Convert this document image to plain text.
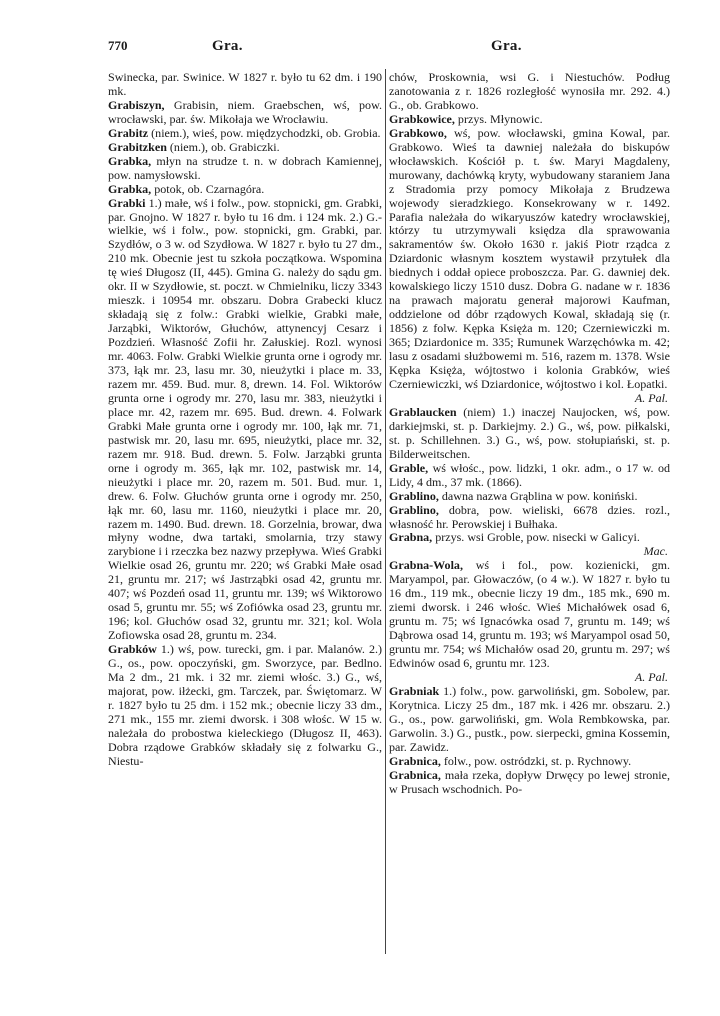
770	Gra.	Gra.

Swinecka, par. Swinice. W 1827 r. było tu 62 dm. i 190 mk.

Grabiszyn, Grabisin, niem. Graebschen, wś, pow. wrocławski, par. św. Mikołaja we Wrocławiu.

Grabitz (niem.), wieś, pow. międzychodzki, ob. Grobia.

Grabitzken (niem.), ob. Grabiczki.

Grabka, młyn na strudze t. n. w dobrach Kamiennej, pow. namysłowski.

Grabka, potok, ob. Czarnagóra.

Grabki 1.) małe, wś i folw., pow. stopnicki, gm. Grabki, par. Gnojno. W 1827 r. było tu 16 dm. i 124 mk. 2.) G.-wielkie, wś i folw., pow. stopnicki, gm. Grabki, par. Szydłów, o 3 w. od Szydłowa. W 1827 r. było tu 27 dm., 210 mk. Obecnie jest tu szkoła początkowa. Wspomina tę wieś Długosz (II, 445). Gmina G. należy do sądu gm. okr. II w Szydłowie, st. poczt. w Chmielniku, liczy 3343 mieszk. i 10954 mr. obszaru. Dobra Grabecki klucz składają się z folw.: Grabki wielkie, Grabki małe, Jarząbki, Wiktorów, Głuchów, attynencyj Cesarz i Pozdzień. Własność Zofii hr. Załuskiej. Rozl. wynosi mr. 4063. Folw. Grabki Wielkie grunta orne i ogrody mr. 373, łąk mr. 23, lasu mr. 30, nieużytki i place m. 33, razem mr. 459. Bud. mur. 8, drewn. 14. Fol. Wiktorów grunta orne i ogrody mr. 270, lasu mr. 383, nieużytki i place mr. 42, razem mr. 695. Bud. drewn. 4. Folwark Grabki Małe grunta orne i ogrody mr. 100, łąk mr. 71, pastwisk mr. 20, lasu mr. 695, nieużytki, place mr. 32, razem mr. 918. Bud. drewn. 5. Folw. Jarząbki grunta orne i ogrody m. 365, łąk mr. 102, pastwisk mr. 14, nieużytki i place mr. 20, razem m. 501. Bud. mur. 1, drew. 6. Folw. Głuchów grunta orne i ogrody mr. 250, łąk mr. 60, lasu mr. 1160, nieużytki i place mr. 20, razem m. 1490. Bud. drewn. 18. Gorzelnia, browar, dwa młyny wodne, dwa tartaki, smolarnia, trzy stawy zarybione i i rzeczka bez nazwy przepływa. Wieś Grabki Wielkie osad 26, gruntu mr. 220; wś Grabki Małe osad 21, gruntu mr. 217; wś Jastrząbki osad 42, gruntu mr. 407; wś Pozdeń osad 11, gruntu mr. 139; wś Wiktorowo osad 5, gruntu mr. 55; wś Zofiówka osad 23, gruntu mr. 196; kol. Głuchów osad 32, gruntu mr. 321; kol. Wola Zofiowska osad 28, gruntu m. 234.

Grabków 1.) wś, pow. turecki, gm. i par. Malanów. 2.) G., os., pow. opoczyński, gm. Sworzyce, par. Bedlno. Ma 2 dm., 21 mk. i 32 mr. ziemi włośc. 3.) G., wś, majorat, pow. iłżecki, gm. Tarczek, par. Świętomarz. W r. 1827 było tu 25 dm. i 152 mk.; obecnie liczy 33 dm., 271 mk., 155 mr. ziemi dworsk. i 308 włośc. W 15 w. należała do probostwa kieleckiego (Długosz II, 463). Dobra rządowe Grabków składały się z folwarku G., Niestu-

chów, Proskownia, wsi G. i Niestuchów. Podług zanotowania z r. 1826 rozległość wynosiła mr. 292. 4.) G., ob. Grabkowo.

Grabkowice, przys. Młynowic.

Grabkowo, wś, pow. włocławski, gmina Kowal, par. Grabkowo. Wieś ta dawniej należała do biskupów włocławskich. Kościół p. t. św. Maryi Magdaleny, murowany, dachówką kryty, wybudowany staraniem Jana z Stradomia przy pomocy Mikołaja z Brudzewa wojewody sieradzkiego. Konsekrowany w r. 1492. Parafia należała do wikaryuszów katedry wrocławskiej, którzy tu utrzymywali księdza dla sprawowania sakramentów św. Około 1630 r. jakiś Piotr rządca z Dziardonic własnym kosztem wystawił przytułek dla biednych i oddał opiece proboszcza. Par. G. dawniej dek. kowalskiego liczy 1510 dusz. Dobra G. nadane w r. 1836 na prawach majoratu generał majorowi Kaufman, oddzielone od dóbr rządowych Kowal, składają się (r. 1856) z folw. Kępka Księża m. 120; Czerniewiczki m. 365; Dziardonice m. 335; Rumunek Warzęchówka m. 42; lasu z osadami służbowemi m. 516, razem m. 1378. Wsie Kępka Księża, wójtostwo i kolonia Grabków, wieś Czerniewiczki, wś Dziardonice, wójtostwo i kol. Łopatki.
A. Pal.

Grablaucken (niem) 1.) inaczej Naujocken, wś, pow. darkiejmski, st. p. Darkiejmy. 2.) G., wś, pow. piłkalski, st. p. Schillehnen. 3.) G., wś, pow. stołupiański, st. p. Bilderweitschen.

Grable, wś włośc., pow. lidzki, 1 okr. adm., o 17 w. od Lidy, 4 dm., 37 mk. (1866).

Grablino, dawna nazwa Grąblina w pow. koniński.

Grablino, dobra, pow. wieliski, 6678 dzies. rozl., własność hr. Perowskiej i Bułhaka.

Grabna, przys. wsi Groble, pow. nisecki w Galicyi.
Mac.

Grabna-Wola, wś i fol., pow. kozienicki, gm. Maryampol, par. Głowaczów, (o 4 w.). W 1827 r. było tu 16 dm., 119 mk., obecnie liczy 19 dm., 185 mk., 690 m. ziemi dworsk. i 246 włośc. Wieś Michałówek osad 6, gruntu m. 75; wś Ignacówka osad 7, gruntu m. 149; wś Dąbrowa osad 14, gruntu m. 193; wś Maryampol osad 50, gruntu mr. 754; wś Michałów osad 20, gruntu m. 297; wś Edwinów osad 6, gruntu mr. 123.
A. Pal.

Grabniak 1.) folw., pow. garwoliński, gm. Sobolew, par. Korytnica. Liczy 25 dm., 187 mk. i 426 mr. obszaru. 2.) G., os., pow. garwoliński, gm. Wola Rembkowska, par. Garwolin. 3.) G., pustk., pow. sierpecki, gmina Kossemin, par. Zawidz.

Grabnica, folw., pow. ostródzki, st. p. Rychnowy.

Grabnica, mała rzeka, dopływ Drwęcy po lewej stronie, w Prusach wschodnich. Po-
